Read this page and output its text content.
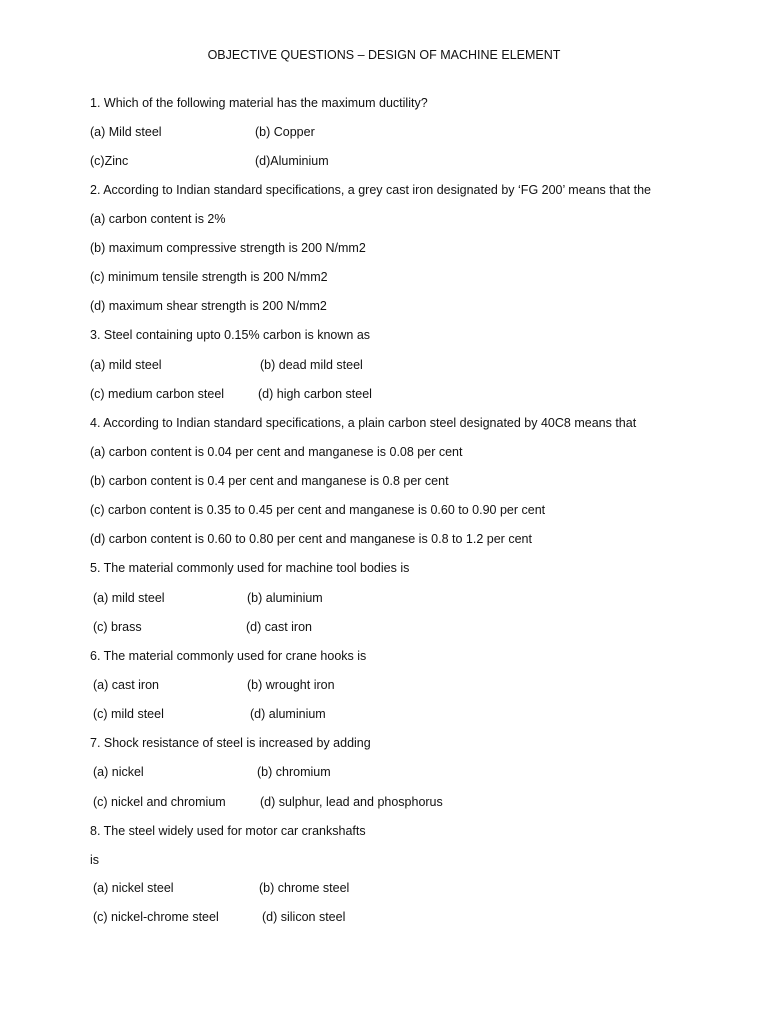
OBJECTIVE QUESTIONS – DESIGN OF MACHINE ELEMENT
1. Which of the following material has the maximum ductility?
(a) Mild steel	(b) Copper
(c)Zinc	(d)Aluminium
2. According to Indian standard specifications, a grey cast iron designated by ‘FG 200’ means that the
(a) carbon content is 2%
(b) maximum compressive strength is 200 N/mm2
(c) minimum tensile strength is 200 N/mm2
(d) maximum shear strength is 200 N/mm2
3. Steel containing upto 0.15% carbon is known as
(a) mild steel	(b) dead mild steel
(c) medium carbon steel	(d) high carbon steel
4. According to Indian standard specifications, a plain carbon steel designated by 40C8 means that
(a) carbon content is 0.04 per cent and manganese is 0.08 per cent
(b) carbon content is 0.4 per cent and manganese is 0.8 per cent
(c) carbon content is 0.35 to 0.45 per cent and manganese is 0.60 to 0.90 per cent
(d) carbon content is 0.60 to 0.80 per cent and manganese is 0.8 to 1.2 per cent
5. The material commonly used for machine tool bodies is
(a) mild steel	(b) aluminium
(c) brass	(d) cast iron
6. The material commonly used for crane hooks is
(a) cast iron	(b) wrought iron
(c) mild steel	(d) aluminium
7. Shock resistance of steel is increased by adding
(a) nickel	(b) chromium
(c) nickel and chromium	(d) sulphur, lead and phosphorus
8. The steel widely used for motor car crankshafts
is
(a) nickel steel	(b) chrome steel
(c) nickel-chrome steel	(d) silicon steel
